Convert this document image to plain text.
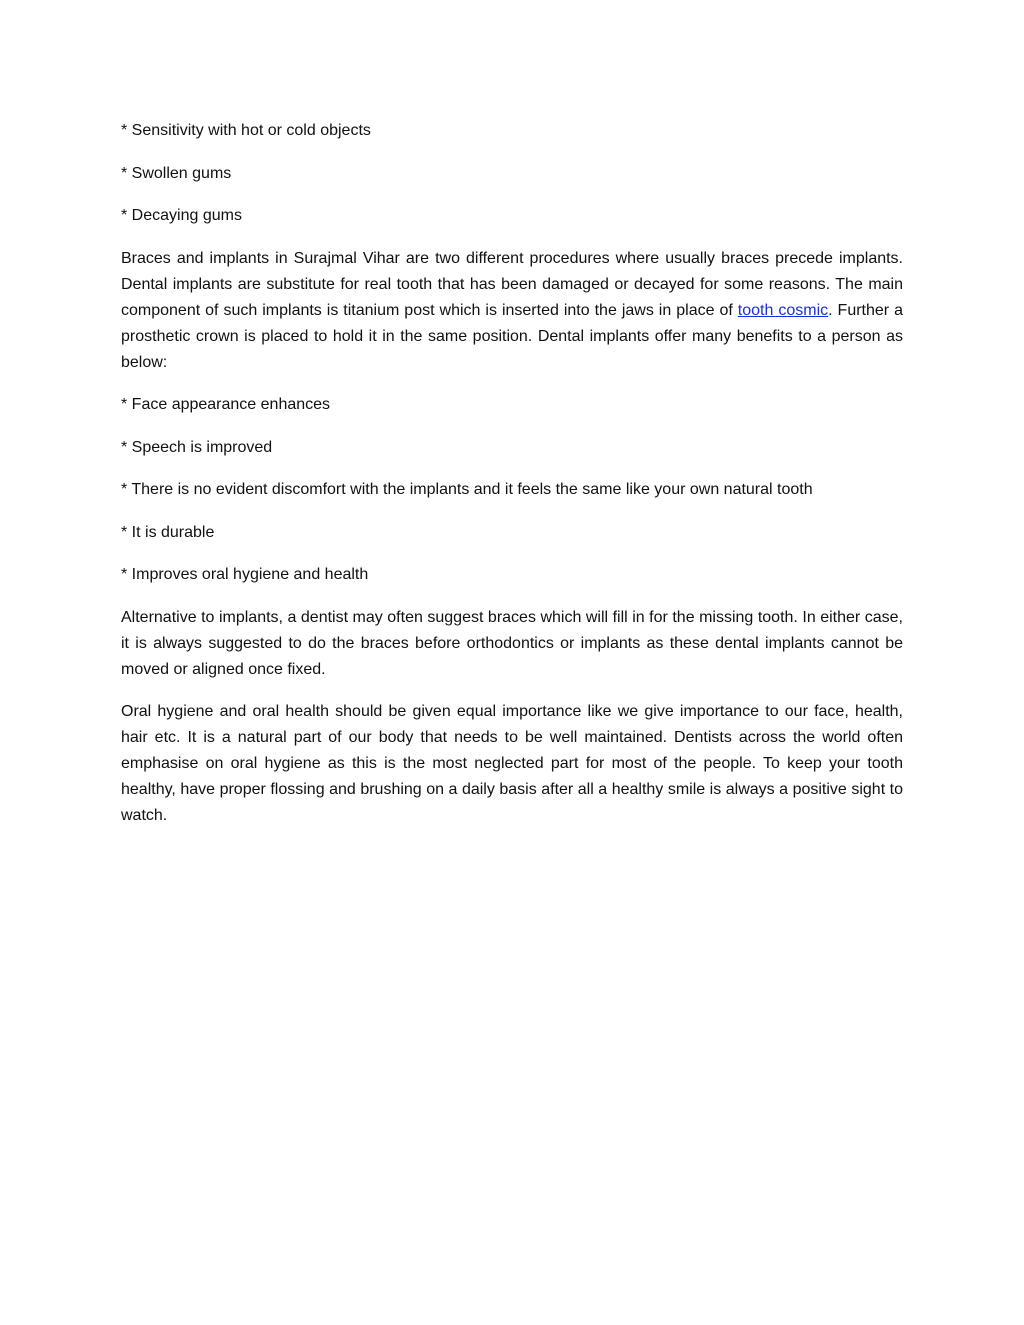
* Sensitivity with hot or cold objects

* Swollen gums

* Decaying gums

Braces and implants in Surajmal Vihar are two different procedures where usually braces precede implants. Dental implants are substitute for real tooth that has been damaged or decayed for some reasons. The main component of such implants is titanium post which is inserted into the jaws in place of tooth cosmic. Further a prosthetic crown is placed to hold it in the same position. Dental implants offer many benefits to a person as below:

* Face appearance enhances

* Speech is improved

* There is no evident discomfort with the implants and it feels the same like your own natural tooth

* It is durable

* Improves oral hygiene and health

Alternative to implants, a dentist may often suggest braces which will fill in for the missing tooth. In either case, it is always suggested to do the braces before orthodontics or implants as these dental implants cannot be moved or aligned once fixed.

Oral hygiene and oral health should be given equal importance like we give importance to our face, health, hair etc. It is a natural part of our body that needs to be well maintained. Dentists across the world often emphasise on oral hygiene as this is the most neglected part for most of the people. To keep your tooth healthy, have proper flossing and brushing on a daily basis after all a healthy smile is always a positive sight to watch.
